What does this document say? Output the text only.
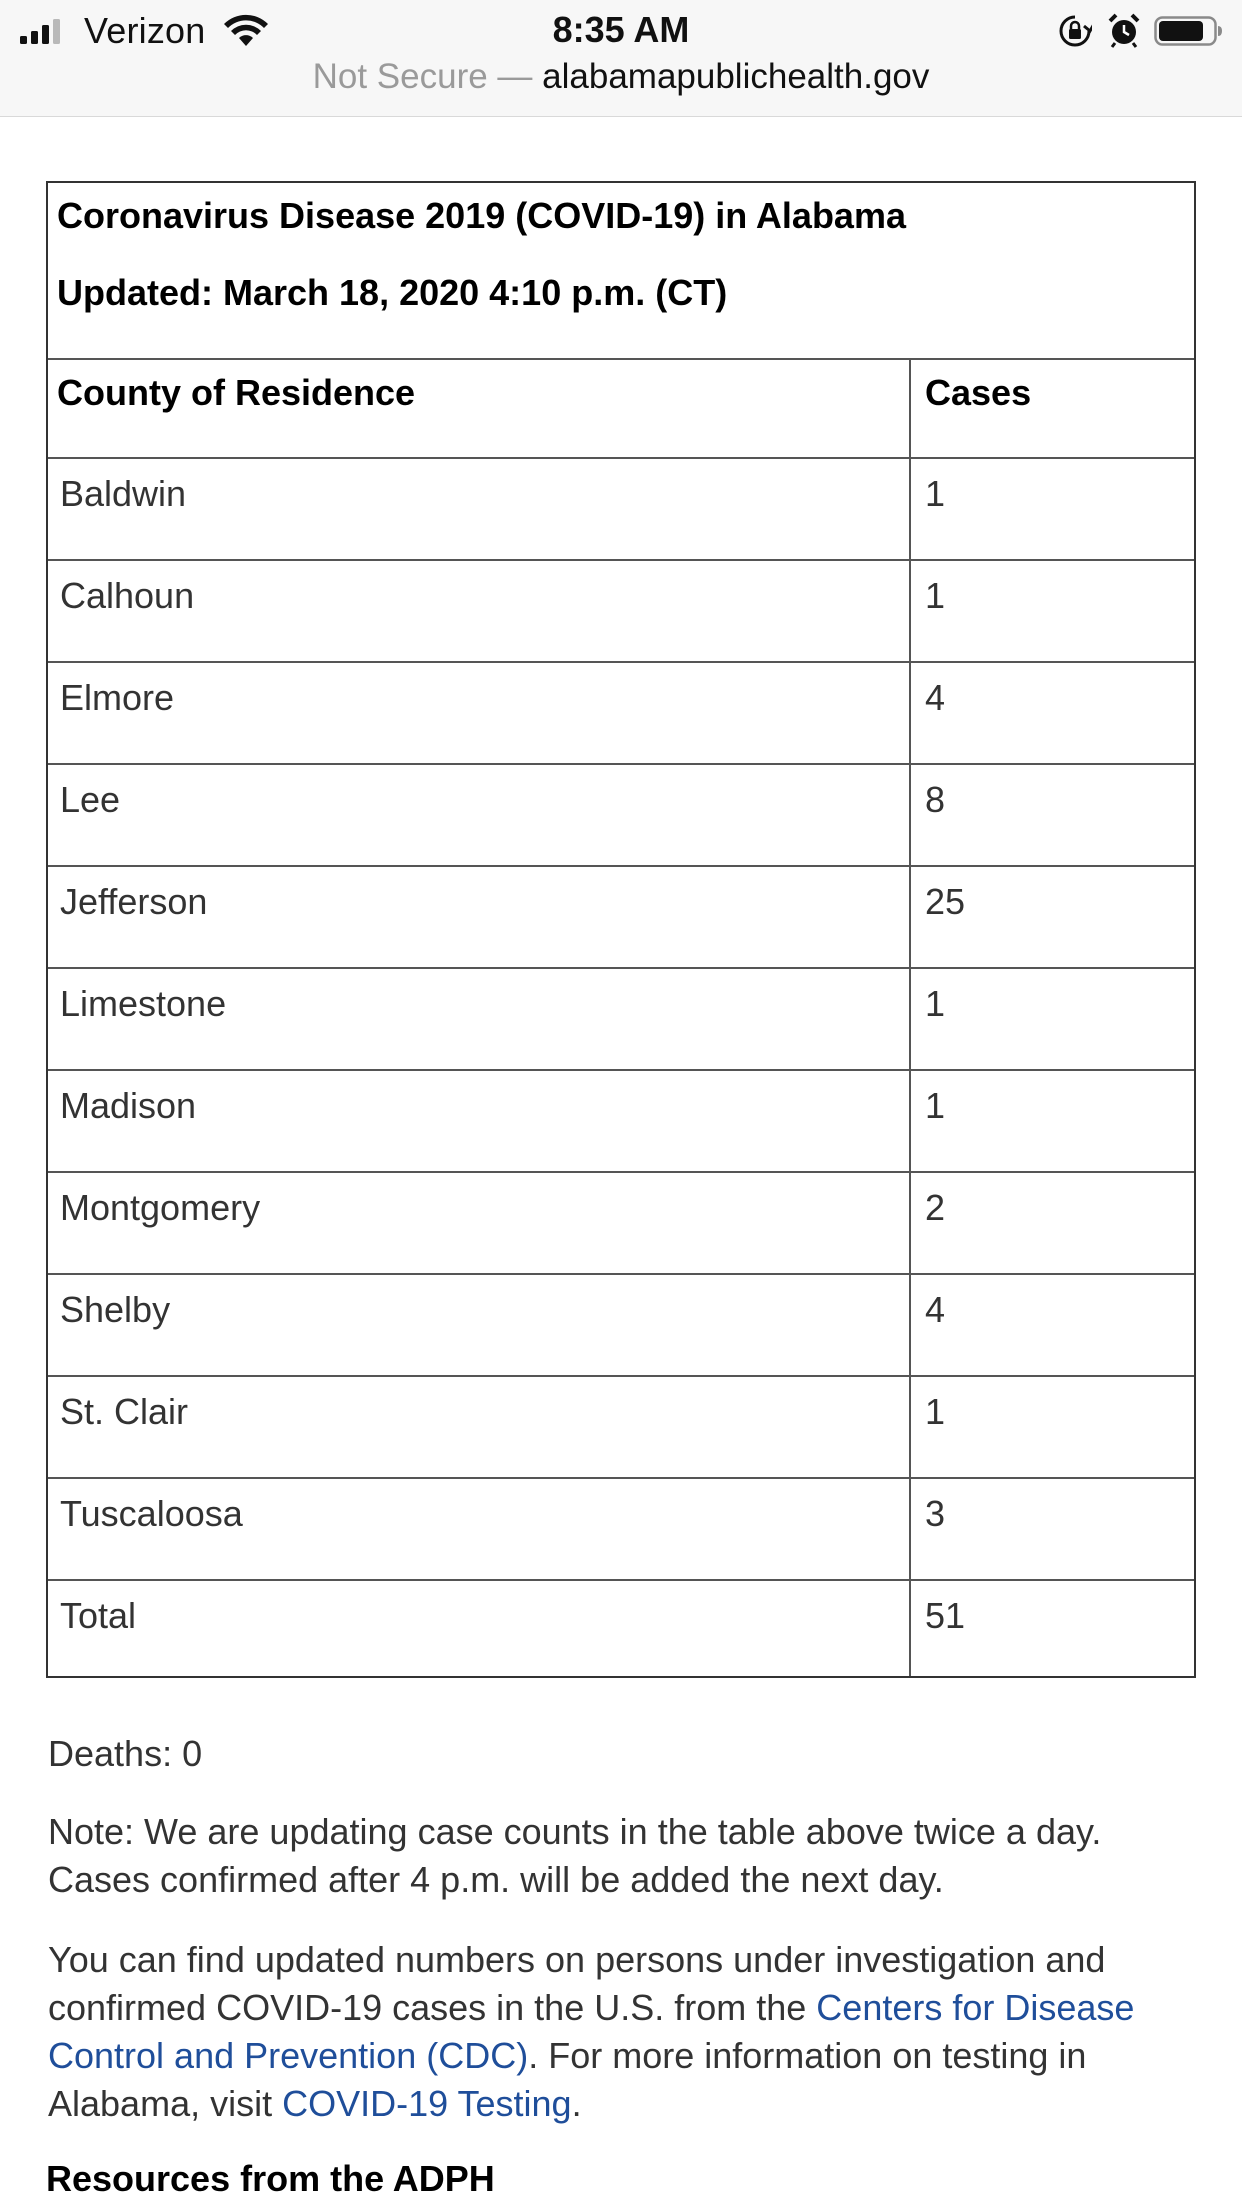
Verizon	8:35 AM
Not Secure — alabamapublichealth.gov
Coronavirus Disease 2019 (COVID-19) in Alabama
Updated: March 18, 2020 4:10 p.m. (CT)
County of Residence	Cases
Baldwin	1
Calhoun	1
Elmore	4
Lee	8
Jefferson	25
Limestone	1
Madison	1
Montgomery	2
Shelby	4
St. Clair	1
Tuscaloosa	3
Total	51
Deaths: 0
Note: We are updating case counts in the table above twice a day. Cases confirmed after 4 p.m. will be added the next day.
You can find updated numbers on persons under investigation and confirmed COVID-19 cases in the U.S. from the Centers for Disease Control and Prevention (CDC). For more information on testing in Alabama, visit COVID-19 Testing.
Resources from the ADPH
